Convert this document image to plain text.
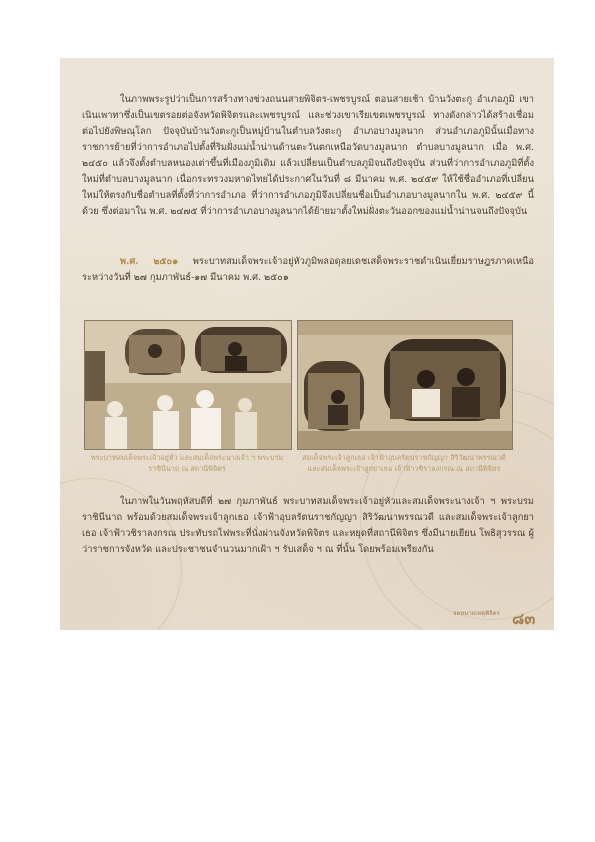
ในภาพพระรูปว่าเป็นการสร้างทางช่วงถนนสายพิจิตร-เพชรบูรณ์ ตอนสายเช้า บ้านวังตะกู อำเภอภูมิ เขาเนินเพาทาซึ่งเป็นเขตรอยต่อจังหวัดพิจิตรและเพชรบูรณ์ และช่วงเขาเรียเขตเพชรบูรณ์ ทางดังกล่าวได้สร้างเชื่อมต่อไปยังพิษณุโลก ปัจจุบันบ้านวังตะกูเป็นหมู่บ้านในตำบลวังตะกู อำเภอบางมูลนาก ส่วนอำเภอภูมินั้นเมื่อทางราชการย้ายที่ว่าการอำเภอไปตั้งที่ริมฝั่งแม่น้ำน่านด้านตะวันตกเหนือวัดบางมูลนาก ตำบลบางมูลนาก เมื่อ พ.ศ. ๒๔๕๐ แล้วจึงตั้งตำบลหนองเต่าขึ้นที่เมืองภูมิเดิม แล้วเปลี่ยนเป็นตำบลภูมิจนถึงปัจจุบัน ส่วนที่ว่าการอำเภอภูมิที่ตั้งใหม่ที่ตำบลบางมูลนาก เนื่อกระทรวงมหาดไทยได้ประกาศในวันที่ ๘ มีนาคม พ.ศ. ๒๔๕๙ ให้ใช้ชื่ออำเภอที่เปลี่ยนใหม่ให้ตรงกับชื่อตำบลที่ตั้งที่ว่าการอำเภอ ที่ว่าการอำเภอภูมิจึงเปลี่ยนชื่อเป็นอำเภอบางมูลนากใน พ.ศ. ๒๔๕๙ นี้ด้วย ซึ่งต่อมาใน พ.ศ. ๒๔๗๕ ที่ว่าการอำเภอบางมูลนากได้ย้ายมาตั้งใหม่ฝั่งตะวันออกของแม่น้ำน่านจนถึงปัจจุบัน

พ.ศ. ๒๕๐๑ พระบาทสมเด็จพระเจ้าอยู่หัวภูมิพลอดุลยเดชเสด็จพระราชดำเนินเยี่ยมราษฎรภาคเหนือ ระหว่างวันที่ ๒๗ กุมภาพันธ์-๑๗ มีนาคม พ.ศ. ๒๕๐๑

พระบาทสมเด็จพระเจ้าอยู่หัว และสมเด็จพระนางเจ้า ฯ พระบรมราชินีนาถ ณ สถานีพิจิตร

สมเด็จพระเจ้าลูกเธอ เจ้าฟ้าอุบลรัตนราชกัญญา สิริวัฒนาพรรณวดี และสมเด็จพระเจ้าลูกยาเธอ เจ้าฟ้าวชิราลงกรณ ณ สถานีพิจิตร

ในภาพในวันพฤหัสบดีที่ ๒๗ กุมภาพันธ์ พระบาทสมเด็จพระเจ้าอยู่หัวและสมเด็จพระนางเจ้า ฯ พระบรมราชินีนาถ พร้อมด้วยสมเด็จพระเจ้าลูกเธอ เจ้าฟ้าอุบลรัตนราชกัญญา สิริวัฒนาพรรณวดี และสมเด็จพระเจ้าลูกยาเธอ เจ้าฟ้าวชิราลงกรณ ประทับรถไฟพระที่นั่งผ่านจังหวัดพิจิตร และหยุดที่สถานีพิจิตร ซึ่งมีนายเยียน โพธิสุวรรณ ผู้ว่าราชการจังหวัด และประชาชนจำนวนมากเฝ้า ฯ รับเสด็จ ฯ ณ ที่นั้น โดยพร้อมเพรียงกัน

จดหมายเหตุพิจิตร ๘๓
